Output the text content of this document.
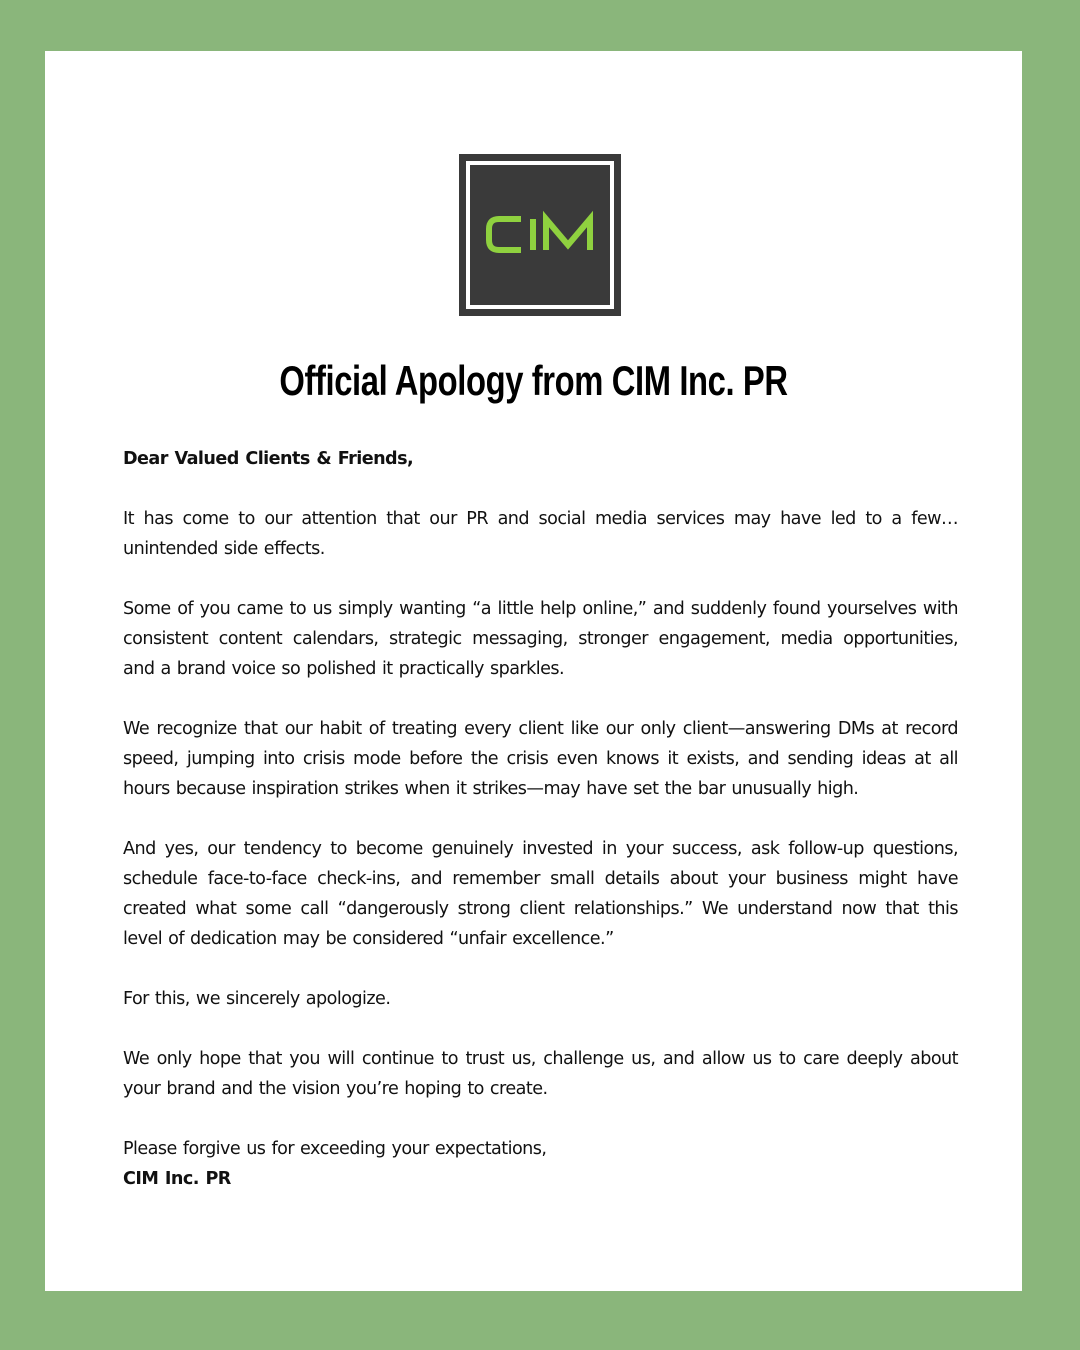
Official Apology from CIM Inc. PR

Dear Valued Clients & Friends,

It has come to our attention that our PR and social media services may have led to a few… unintended side effects.

Some of you came to us simply wanting “a little help online,” and suddenly found yourselves with consistent content calendars, strategic messaging, stronger engagement, media opportunities, and a brand voice so polished it practically sparkles.

We recognize that our habit of treating every client like our only client—answering DMs at record speed, jumping into crisis mode before the crisis even knows it exists, and sending ideas at all hours because inspiration strikes when it strikes—may have set the bar unusually high.

And yes, our tendency to become genuinely invested in your success, ask follow-up questions, schedule face-to-face check-ins, and remember small details about your business might have created what some call “dangerously strong client relationships.” We understand now that this level of dedication may be considered “unfair excellence.”

For this, we sincerely apologize.

We only hope that you will continue to trust us, challenge us, and allow us to care deeply about your brand and the vision you’re hoping to create.

Please forgive us for exceeding your expectations,
CIM Inc. PR
